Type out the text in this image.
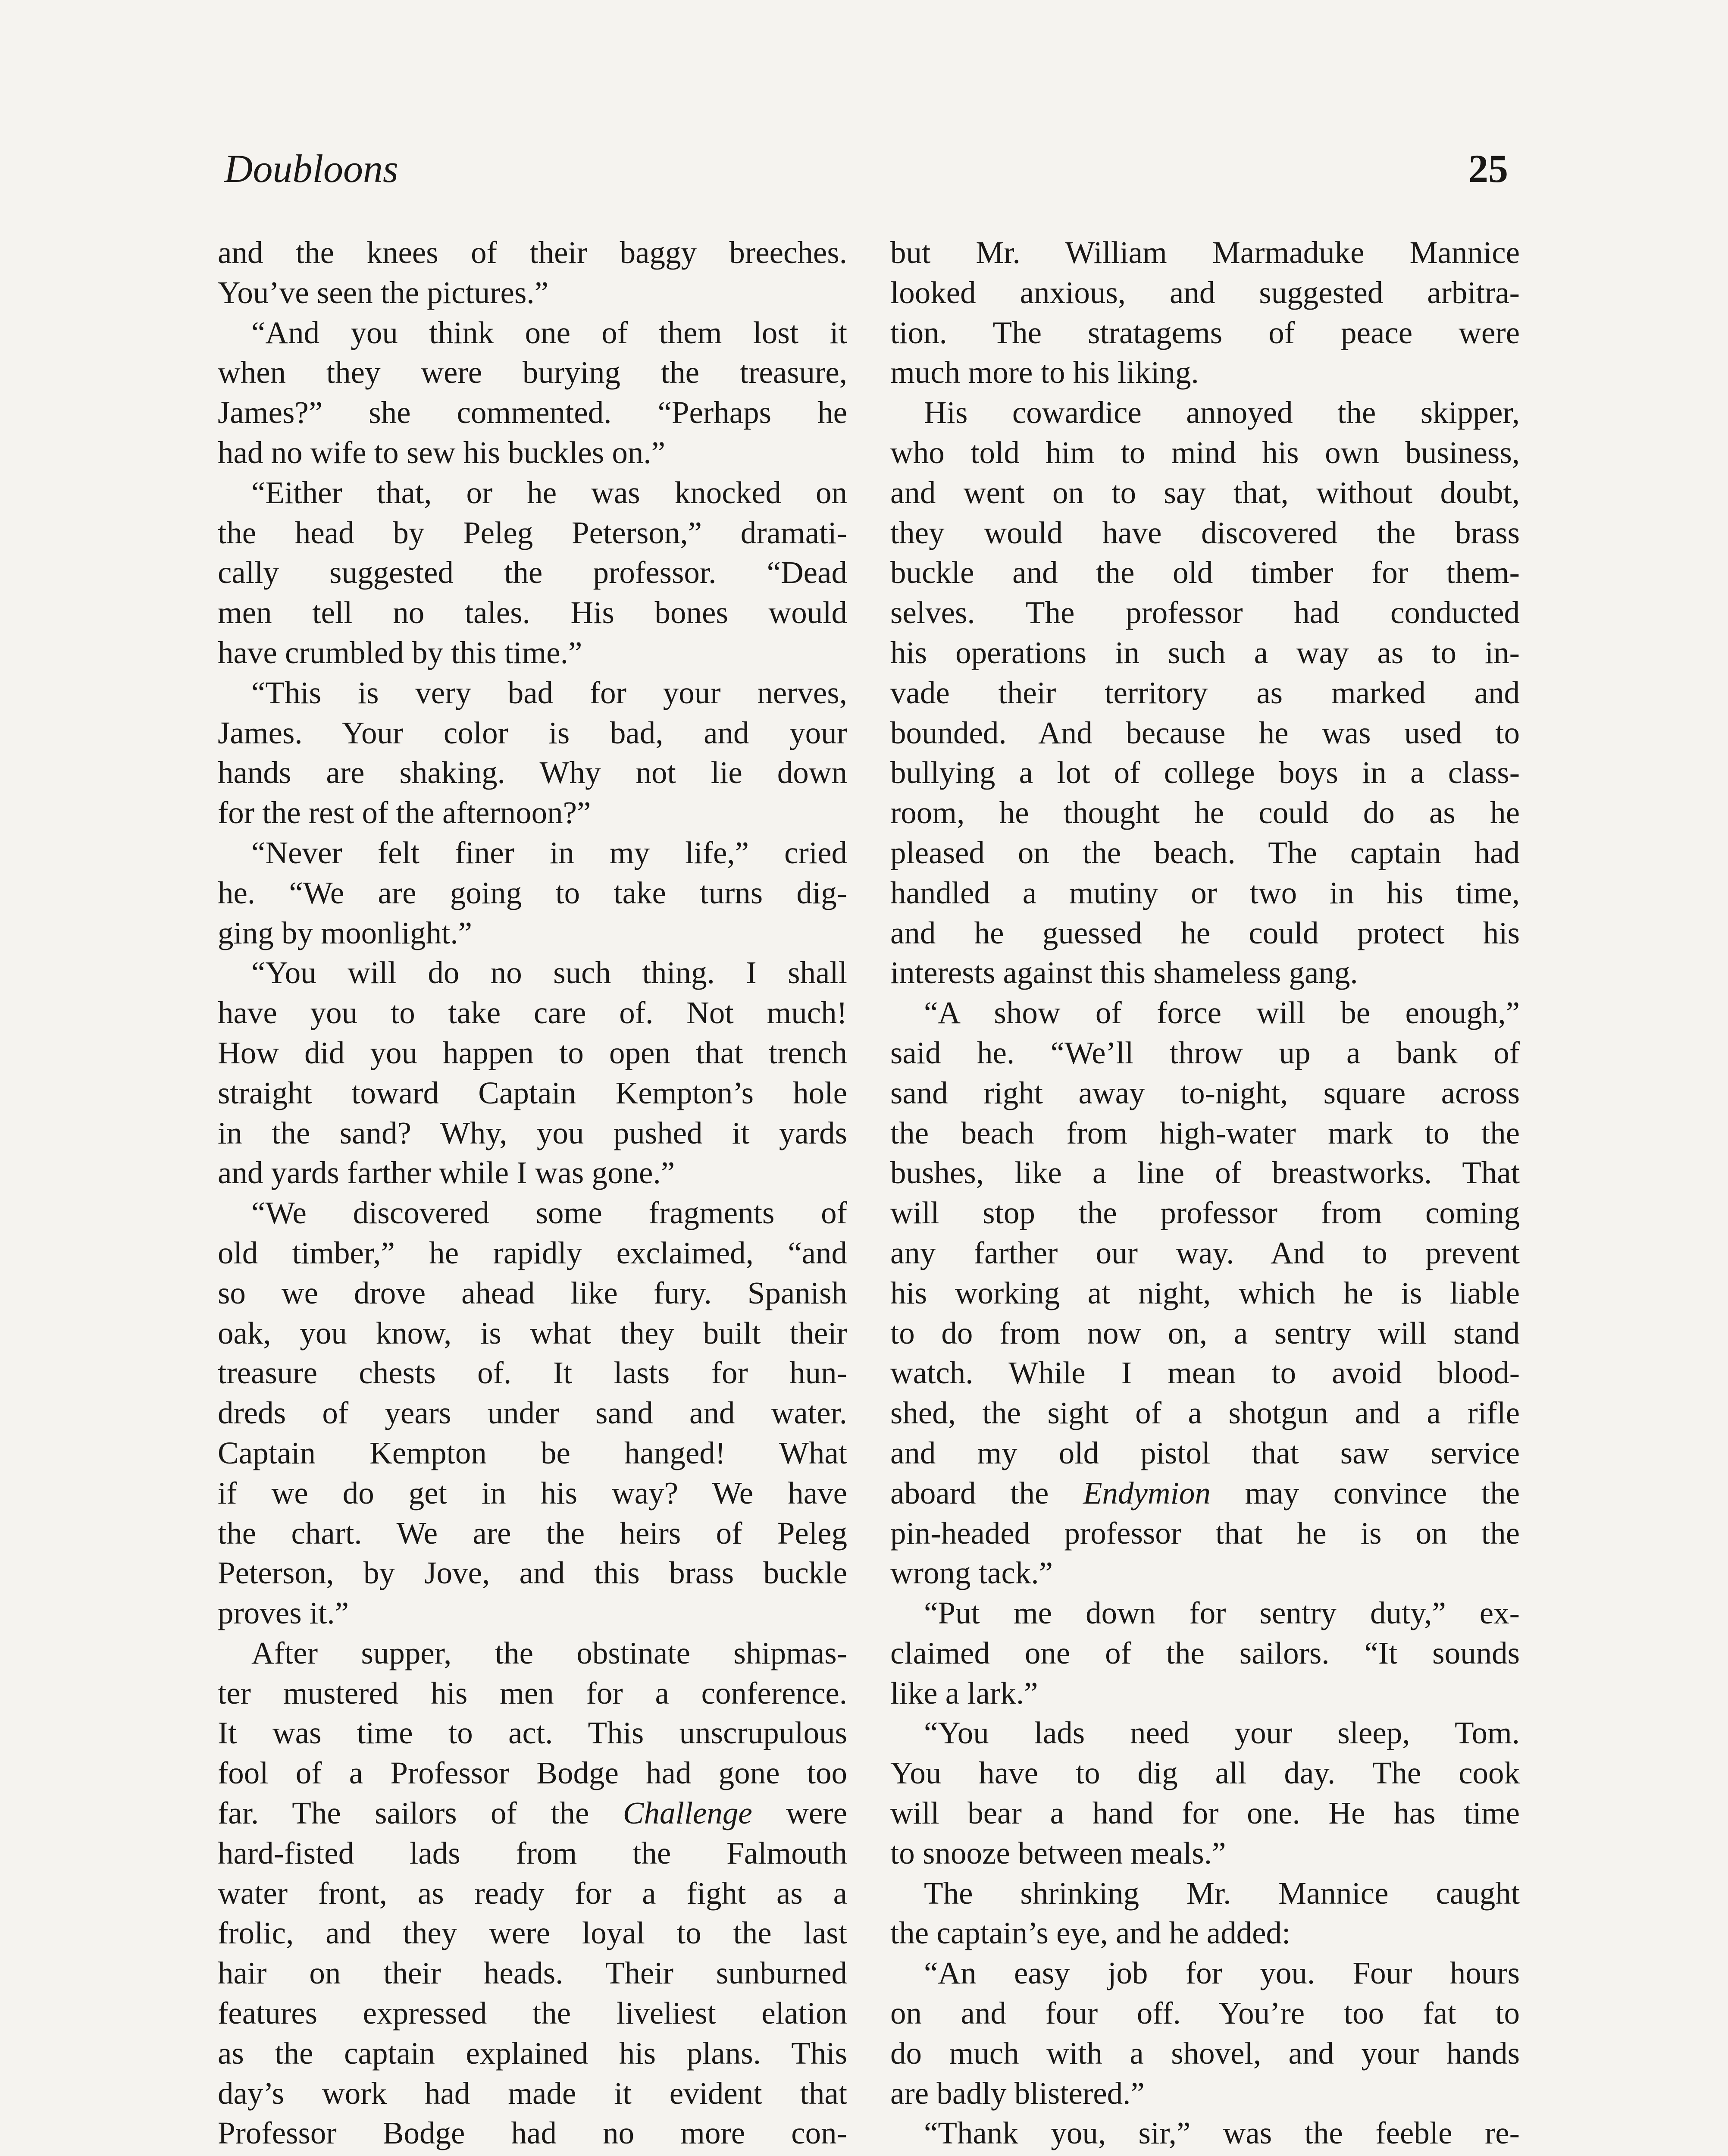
Doubloons	25
and the knees of their baggy breeches.
You’ve seen the pictures.”
“And you think one of them lost it
when they were burying the treasure,
James?” she commented. “Perhaps he
had no wife to sew his buckles on.”
“Either that, or he was knocked on
the head by Peleg Peterson,” dramati-
cally suggested the professor. “Dead
men tell no tales. His bones would
have crumbled by this time.”
“This is very bad for your nerves,
James. Your color is bad, and your
hands are shaking. Why not lie down
for the rest of the afternoon?”
“Never felt finer in my life,” cried
he. “We are going to take turns dig-
ging by moonlight.”
“You will do no such thing. I shall
have you to take care of. Not much!
How did you happen to open that trench
straight toward Captain Kempton’s hole
in the sand? Why, you pushed it yards
and yards farther while I was gone.”
“We discovered some fragments of
old timber,” he rapidly exclaimed, “and
so we drove ahead like fury. Spanish
oak, you know, is what they built their
treasure chests of. It lasts for hun-
dreds of years under sand and water.
Captain Kempton be hanged! What
if we do get in his way? We have
the chart. We are the heirs of Peleg
Peterson, by Jove, and this brass buckle
proves it.”
After supper, the obstinate shipmas-
ter mustered his men for a conference.
It was time to act. This unscrupulous
fool of a Professor Bodge had gone too
far. The sailors of the Challenge were
hard-fisted lads from the Falmouth
water front, as ready for a fight as a
frolic, and they were loyal to the last
hair on their heads. Their sunburned
features expressed the liveliest elation
as the captain explained his plans. This
day’s work had made it evident that
Professor Bodge had no more con-
but Mr. William Marmaduke Mannice
looked anxious, and suggested arbitra-
tion. The stratagems of peace were
much more to his liking.
His cowardice annoyed the skipper,
who told him to mind his own business,
and went on to say that, without doubt,
they would have discovered the brass
buckle and the old timber for them-
selves. The professor had conducted
his operations in such a way as to in-
vade their territory as marked and
bounded. And because he was used to
bullying a lot of college boys in a class-
room, he thought he could do as he
pleased on the beach. The captain had
handled a mutiny or two in his time,
and he guessed he could protect his
interests against this shameless gang.
“A show of force will be enough,”
said he. “We’ll throw up a bank of
sand right away to-night, square across
the beach from high-water mark to the
bushes, like a line of breastworks. That
will stop the professor from coming
any farther our way. And to prevent
his working at night, which he is liable
to do from now on, a sentry will stand
watch. While I mean to avoid blood-
shed, the sight of a shotgun and a rifle
and my old pistol that saw service
aboard the Endymion may convince the
pin-headed professor that he is on the
wrong tack.”
“Put me down for sentry duty,” ex-
claimed one of the sailors. “It sounds
like a lark.”
“You lads need your sleep, Tom.
You have to dig all day. The cook
will bear a hand for one. He has time
to snooze between meals.”
The shrinking Mr. Mannice caught
the captain’s eye, and he added:
“An easy job for you. Four hours
on and four off. You’re too fat to
do much with a shovel, and your hands
are badly blistered.”
“Thank you, sir,” was the feeble re-
